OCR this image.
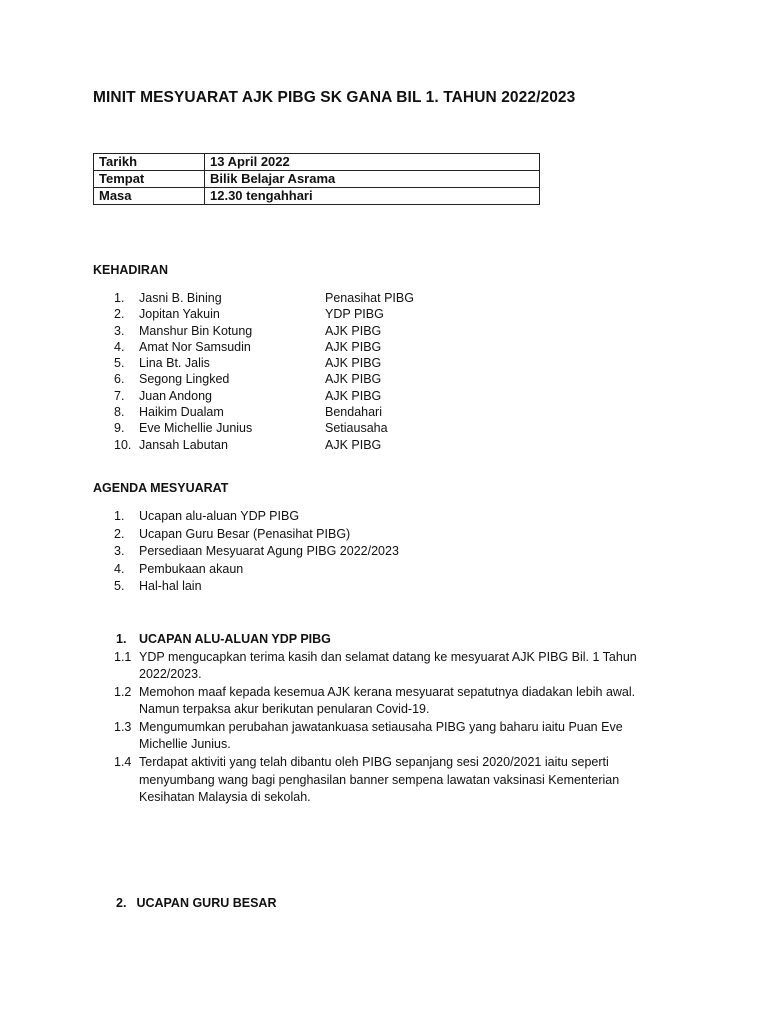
MINIT MESYUARAT AJK PIBG SK GANA BIL 1. TAHUN 2022/2023
Tarikh	13 April 2022
Tempat	Bilik Belajar Asrama
Masa	12.30 tengahhari
KEHADIRAN
1. Jasni B. Bining	Penasihat PIBG
2. Jopitan Yakuin	YDP PIBG
3. Manshur Bin Kotung	AJK PIBG
4. Amat Nor Samsudin	AJK PIBG
5. Lina Bt. Jalis	AJK PIBG
6. Segong Lingked	AJK PIBG
7. Juan Andong	AJK PIBG
8. Haikim Dualam	Bendahari
9. Eve Michellie Junius	Setiausaha
10. Jansah Labutan	AJK PIBG
AGENDA MESYUARAT
1. Ucapan alu-aluan YDP PIBG
2. Ucapan Guru Besar (Penasihat PIBG)
3. Persediaan Mesyuarat Agung PIBG 2022/2023
4. Pembukaan akaun
5. Hal-hal lain
1. UCAPAN ALU-ALUAN YDP PIBG
1.1 YDP mengucapkan terima kasih dan selamat datang ke mesyuarat AJK PIBG Bil. 1 Tahun 2022/2023.
1.2 Memohon maaf kepada kesemua AJK kerana mesyuarat sepatutnya diadakan lebih awal. Namun terpaksa akur berikutan penularan Covid-19.
1.3 Mengumumkan perubahan jawatankuasa setiausaha PIBG yang baharu iaitu Puan Eve Michellie Junius.
1.4 Terdapat aktiviti yang telah dibantu oleh PIBG sepanjang sesi 2020/2021 iaitu seperti menyumbang wang bagi penghasilan banner sempena lawatan vaksinasi Kementerian Kesihatan Malaysia di sekolah.
2. UCAPAN GURU BESAR
